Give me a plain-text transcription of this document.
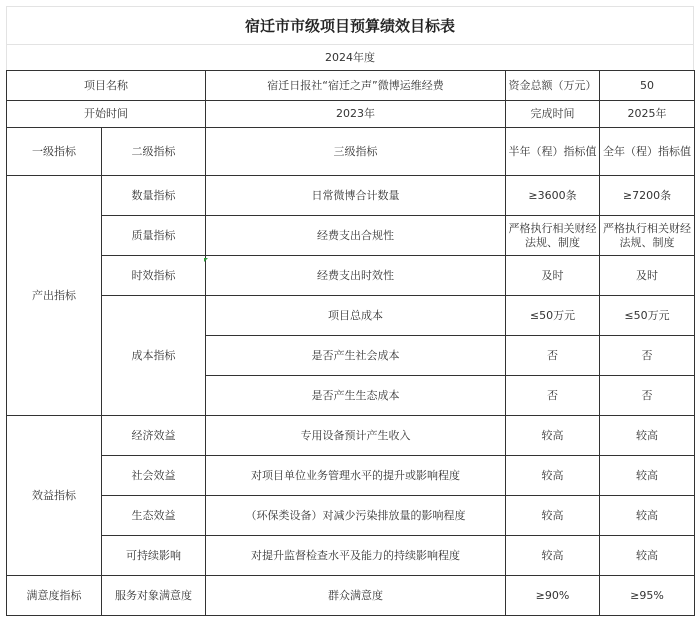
宿迁市市级项目预算绩效目标表
2024年度
项目名称		宿迁日报社“宿迁之声”微博运维经费	资金总额（万元）	50
开始时间		2023年	完成时间	2025年
一级指标	二级指标	三级指标	半年（程）指标值	全年（程）指标值
产出指标	数量指标	日常微博合计数量	≥3600条	≥7200条
	质量指标	经费支出合规性	严格执行相关财经法规、制度	严格执行相关财经法规、制度
	时效指标	经费支出时效性	及时	及时
	成本指标	项目总成本	≤50万元	≤50万元
		是否产生社会成本	否	否
		是否产生生态成本	否	否
效益指标	经济效益	专用设备预计产生收入	较高	较高
	社会效益	对项目单位业务管理水平的提升或影响程度	较高	较高
	生态效益	（环保类设备）对减少污染排放量的影响程度	较高	较高
	可持续影响	对提升监督检查水平及能力的持续影响程度	较高	较高
满意度指标	服务对象满意度	群众满意度	≥90%	≥95%
